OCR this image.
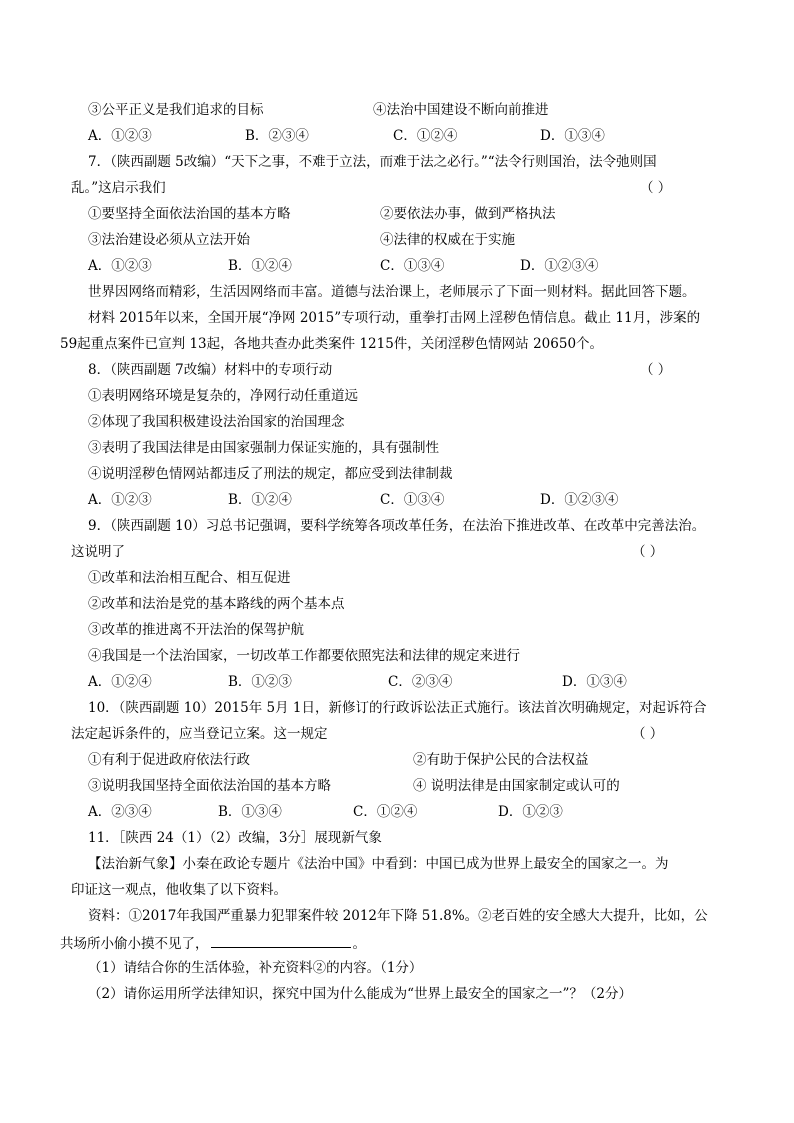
③公平正义是我们追求的目标	④法治中国建设不断向前推进
A．①②③	B．②③④	C．①②④	D．①③④
7．（陕西副题 5改编）“天下之事，不难于立法，而难于法之必行。”“法令行则国治，法令弛则国
乱。”这启示我们	（ ）
①要坚持全面依法治国的基本方略	②要依法办事，做到严格执法
③法治建设必须从立法开始	④法律的权威在于实施
A．①②③	B．①②④	C．①③④	D．①②③④
世界因网络而精彩，生活因网络而丰富。道德与法治课上，老师展示了下面一则材料。据此回答下题。
材料 2015年以来，全国开展“净网 2015”专项行动，重拳打击网上淫秽色情信息。截止 11月，涉案的
59起重点案件已宣判 13起，各地共查办此类案件 1215件，关闭淫秽色情网站 20650个。
8．（陕西副题 7改编）材料中的专项行动	（ ）
①表明网络环境是复杂的，净网行动任重道远
②体现了我国积极建设法治国家的治国理念
③表明了我国法律是由国家强制力保证实施的，具有强制性
④说明淫秽色情网站都违反了刑法的规定，都应受到法律制裁
A．①②③	B．①②④	C．①③④	D．①②③④
9．（陕西副题 10）习总书记强调，要科学统筹各项改革任务，在法治下推进改革、在改革中完善法治。
这说明了	（ ）
①改革和法治相互配合、相互促进
②改革和法治是党的基本路线的两个基本点
③改革的推进离不开法治的保驾护航
④我国是一个法治国家，一切改革工作都要依照宪法和法律的规定来进行
A．①②④	B．①②③	C．②③④	D．①③④
10．（陕西副题 10）2015年 5月 1日，新修订的行政诉讼法正式施行。该法首次明确规定，对起诉符合
法定起诉条件的，应当登记立案。这一规定	（ ）
①有利于促进政府依法行政	②有助于保护公民的合法权益
③说明我国坚持全面依法治国的基本方略	④ 说明法律是由国家制定或认可的
A．②③④	B．①③④	C．①②④	D．①②③
11．［陕西 24（1）（2）改编，3分］展现新气象
【法治新气象】小秦在政论专题片《法治中国》中看到：中国已成为世界上最安全的国家之一。为
印证这一观点，他收集了以下资料。
资料：①2017年我国严重暴力犯罪案件较 2012年下降 51.8%。②老百姓的安全感大大提升，比如，公
共场所小偷小摸不见了，	。
（1）请结合你的生活体验，补充资料②的内容。（1分）
（2）请你运用所学法律知识，探究中国为什么能成为“世界上最安全的国家之一”？（2分）
